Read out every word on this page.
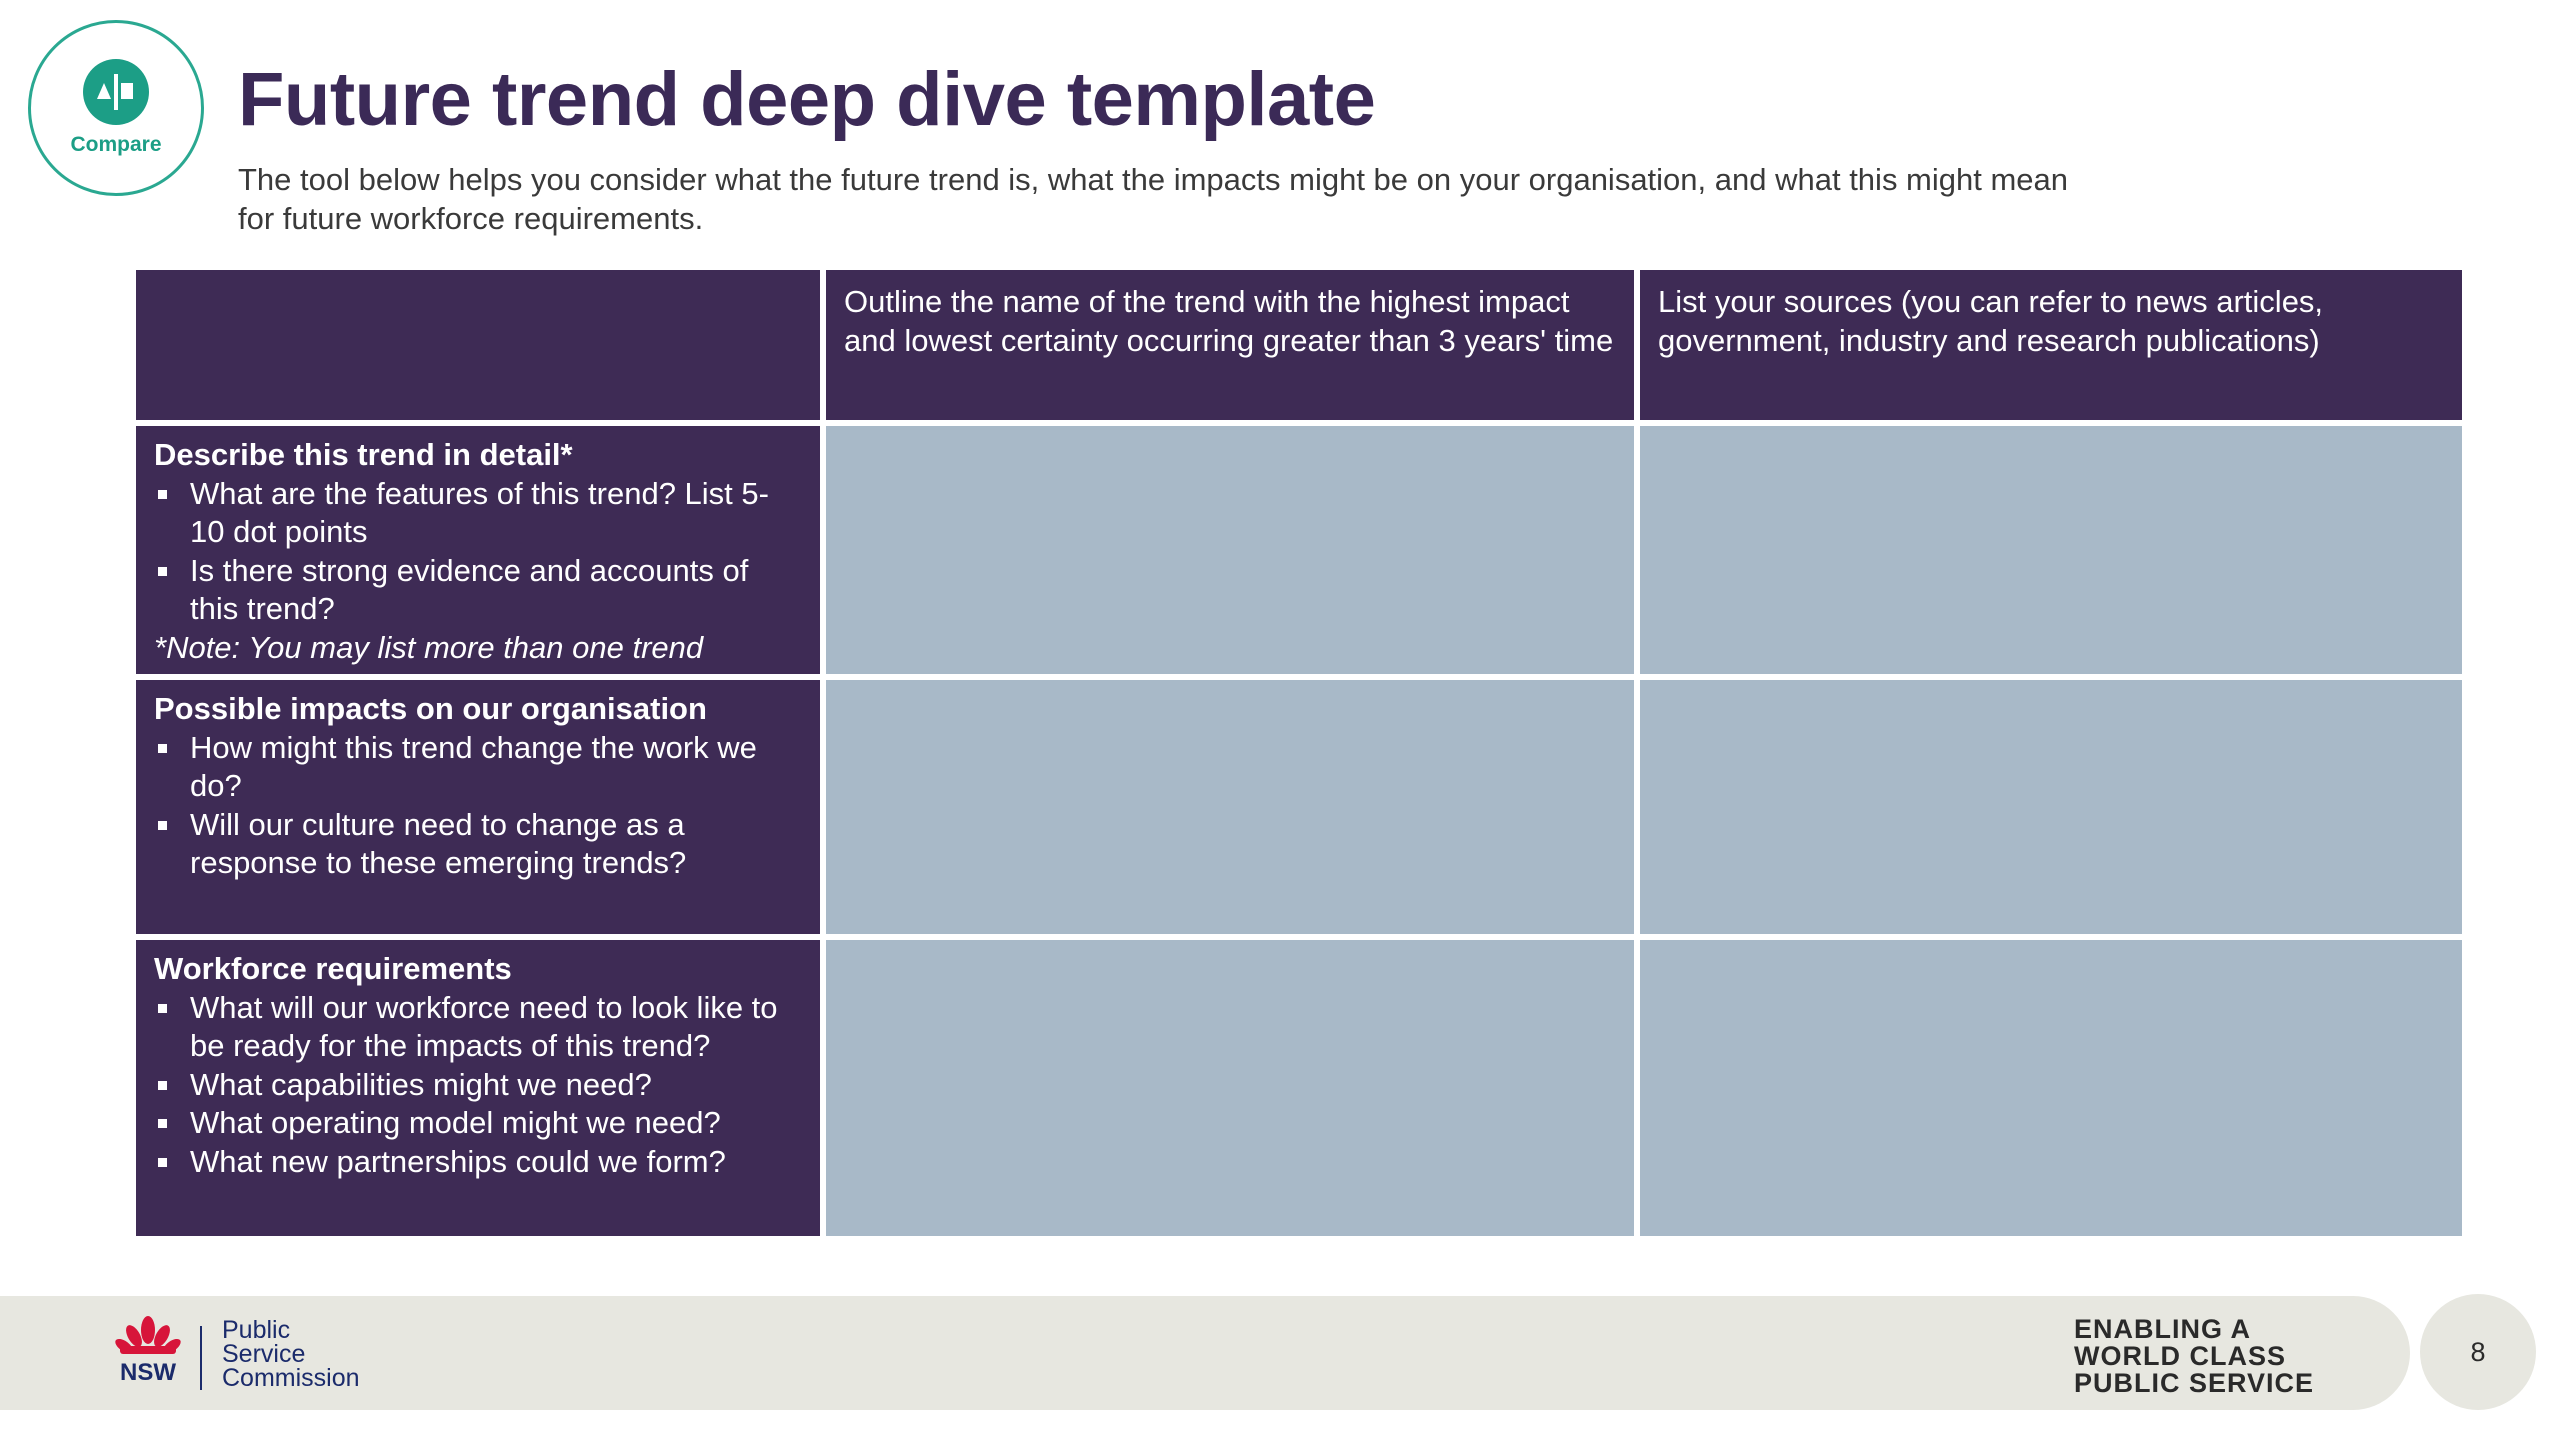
Compare
Future trend deep dive template

The tool below helps you consider what the future trend is, what the impacts might be on your organisation, and what this might mean for future workforce requirements.

Outline the name of the trend with the highest impact and lowest certainty occurring greater than 3 years' time
List your sources (you can refer to news articles, government, industry and research publications)
Describe this trend in detail*
What are the features of this trend? List 5-10 dot points
Is there strong evidence and accounts of this trend?
*Note: You may list more than one trend
Possible impacts on our organisation
How might this trend change the work we do?
Will our culture need to change as a response to these emerging trends?
Workforce requirements
What will our workforce need to look like to be ready for the impacts of this trend?
What capabilities might we need?
What operating model might we need?
What new partnerships could we form?
NSW
Public
Service
Commission
ENABLING A
WORLD CLASS
PUBLIC SERVICE
8
